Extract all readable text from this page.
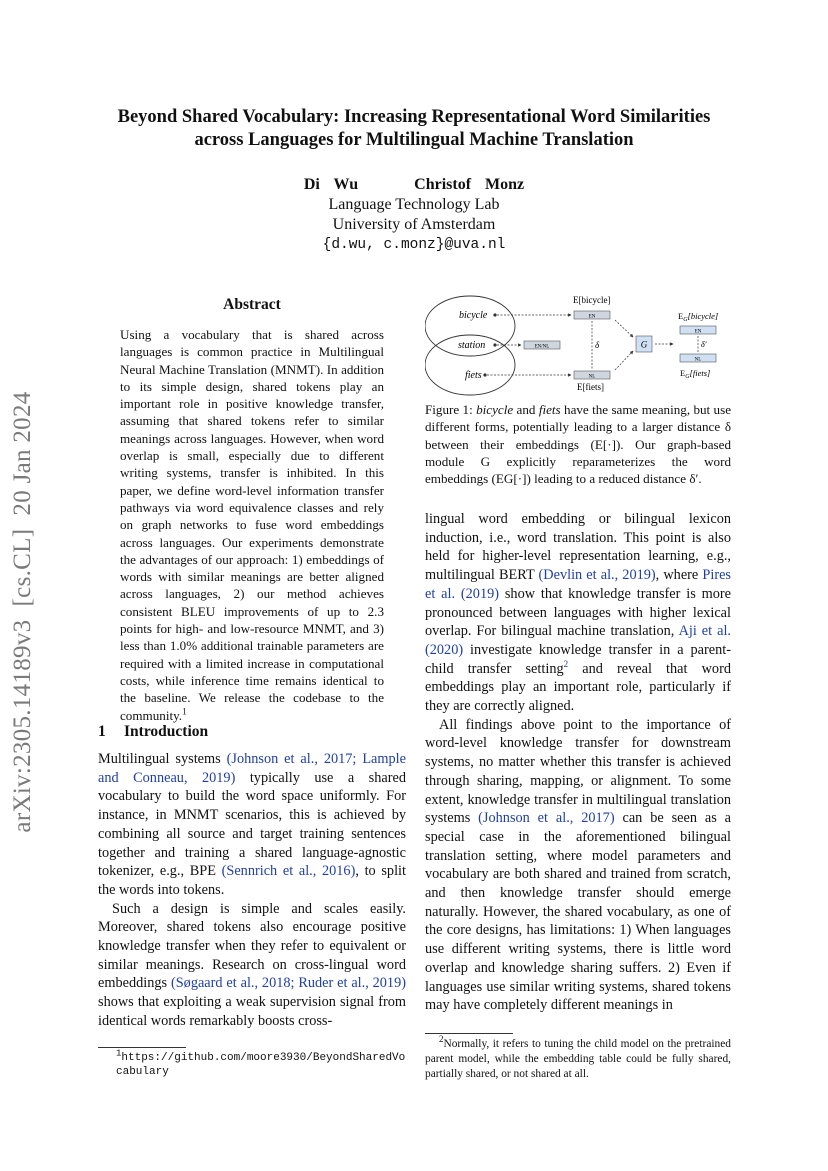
Beyond Shared Vocabulary: Increasing Representational Word Similarities
across Languages for Multilingual Machine Translation
Di Wu    Christof Monz
Language Technology Lab
University of Amsterdam
{d.wu, c.monz}@uva.nl
arXiv:2305.14189v3  [cs.CL]  20 Jan 2024
Abstract
Using a vocabulary that is shared across languages is common practice in Multilingual Neural Machine Translation (MNMT). In addition to its simple design, shared tokens play an important role in positive knowledge transfer, assuming that shared tokens refer to similar meanings across languages. However, when word overlap is small, especially due to different writing systems, transfer is inhibited. In this paper, we define word-level information transfer pathways via word equivalence classes and rely on graph networks to fuse word embeddings across languages. Our experiments demonstrate the advantages of our approach: 1) embeddings of words with similar meanings are better aligned across languages, 2) our method achieves consistent BLEU improvements of up to 2.3 points for high- and low-resource MNMT, and 3) less than 1.0% additional trainable parameters are required with a limited increase in computational costs, while inference time remains identical to the baseline. We release the codebase to the community.$^1$
1 Introduction

Multilingual systems (Johnson et al., 2017; Lample and Conneau, 2019) typically use a shared vocabulary to build the word space uniformly. For instance, in MNMT scenarios, this is achieved by combining all source and target training sentences together and training a shared language-agnostic tokenizer, e.g., BPE (Sennrich et al., 2016), to split the words into tokens.

Such a design is simple and scales easily. Moreover, shared tokens also encourage positive knowledge transfer when they refer to equivalent or similar meanings. Research on cross-lingual word embeddings (Søgaard et al., 2018; Ruder et al., 2019) shows that exploiting a weak supervision signal from identical words remarkably boosts cross-

bicycle
station
fiets
EN/NL
E[bicycle]
EN
NL
E[fiets]
δ	G
$E_G[bicycle]$
EN
NL
δ′
$E_G[fiets]$
Figure 1: bicycle and fiets have the same meaning, but use different forms, potentially leading to a larger distance δ between their embeddings (E[·]). Our graph-based module G explicitly reparameterizes the word embeddings (EG[·]) leading to a reduced distance δ′.

lingual word embedding or bilingual lexicon induction, i.e., word translation. This point is also held for higher-level representation learning, e.g., multilingual BERT (Devlin et al., 2019), where Pires et al. (2019) show that knowledge transfer is more pronounced between languages with higher lexical overlap. For bilingual machine translation, Aji et al. (2020) investigate knowledge transfer in a parent-child transfer setting$^2$ and reveal that word embeddings play an important role, particularly if they are correctly aligned.

All findings above point to the importance of word-level knowledge transfer for downstream systems, no matter whether this transfer is achieved through sharing, mapping, or alignment. To some extent, knowledge transfer in multilingual translation systems (Johnson et al., 2017) can be seen as a special case in the aforementioned bilingual translation setting, where model parameters and vocabulary are both shared and trained from scratch, and then knowledge transfer should emerge naturally. However, the shared vocabulary, as one of the core designs, has limitations: 1) When languages use different writing systems, there is little word overlap and knowledge sharing suffers. 2) Even if languages use similar writing systems, shared tokens may have completely different meanings in

$^1$https://github.com/moore3930/BeyondSharedVocabulary
$^2$Normally, it refers to tuning the child model on the pretrained parent model, while the embedding table could be fully shared, partially shared, or not shared at all.
